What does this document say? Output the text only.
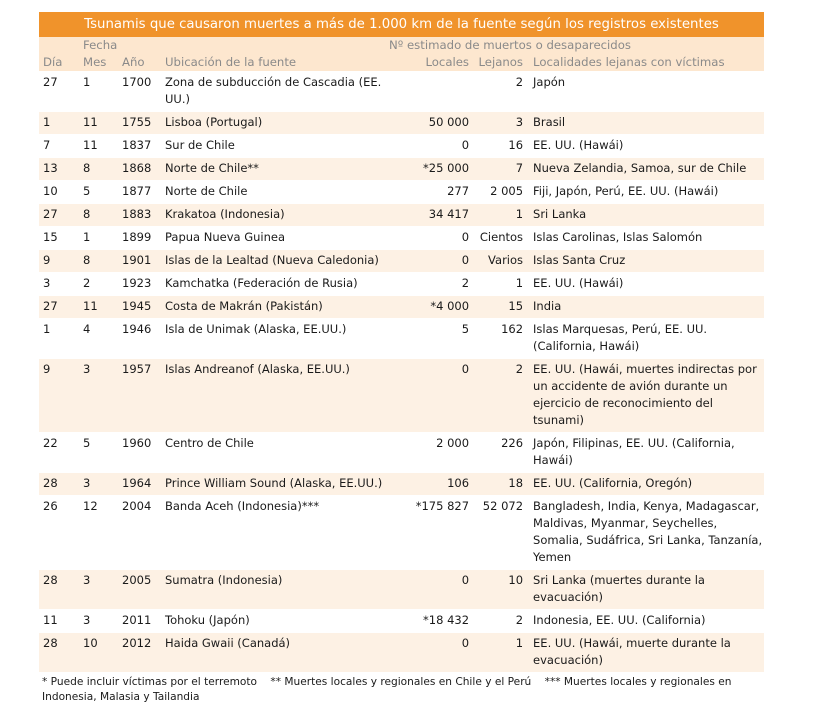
Tsunamis que causaron muertes a más de 1.000 km de la fuente según los registros existentes
	Fecha			Nº estimado de muertos o desaparecidos		
Día	Mes	Año	Ubicación de la fuente	Locales	Lejanos	Localidades lejanas con víctimas
27	1	1700	Zona de subducción de Cascadia (EE. UU.)		2	Japón
1	11	1755	Lisboa (Portugal)	50 000	3	Brasil
7	11	1837	Sur de Chile	0	16	EE. UU. (Hawái)
13	8	1868	Norte de Chile**	*25 000	7	Nueva Zelandia, Samoa, sur de Chile
10	5	1877	Norte de Chile	277	2 005	Fiji, Japón, Perú, EE. UU. (Hawái)
27	8	1883	Krakatoa (Indonesia)	34 417	1	Sri Lanka
15	1	1899	Papua Nueva Guinea	0	Cientos	Islas Carolinas, Islas Salomón
9	8	1901	Islas de la Lealtad (Nueva Caledonia)	0	Varios	Islas Santa Cruz
3	2	1923	Kamchatka (Federación de Rusia)	2	1	EE. UU. (Hawái)
27	11	1945	Costa de Makrán (Pakistán)	*4 000	15	India
1	4	1946	Isla de Unimak (Alaska, EE.UU.)	5	162	Islas Marquesas, Perú, EE. UU. (California, Hawái)
9	3	1957	Islas Andreanof (Alaska, EE.UU.)	0	2	EE. UU. (Hawái, muertes indirectas por un accidente de avión durante un ejercicio de reconocimiento del tsunami)
22	5	1960	Centro de Chile	2 000	226	Japón, Filipinas, EE. UU. (California, Hawái)
28	3	1964	Prince William Sound (Alaska, EE.UU.)	106	18	EE. UU. (California, Oregón)
26	12	2004	Banda Aceh (Indonesia)***	*175 827	52 072	Bangladesh, India, Kenya, Madagascar, Maldivas, Myanmar, Seychelles, Somalia, Sudáfrica, Sri Lanka, Tanzanía, Yemen
28	3	2005	Sumatra (Indonesia)	0	10	Sri Lanka (muertes durante la evacuación)
11	3	2011	Tohoku (Japón)	*18 432	2	Indonesia, EE. UU. (California)
28	10	2012	Haida Gwaii (Canadá)	0	1	EE. UU. (Hawái, muerte durante la evacuación)
* Puede incluir víctimas por el terremoto ** Muertes locales y regionales en Chile y el Perú *** Muertes locales y regionales en Indonesia, Malasia y Tailandia
